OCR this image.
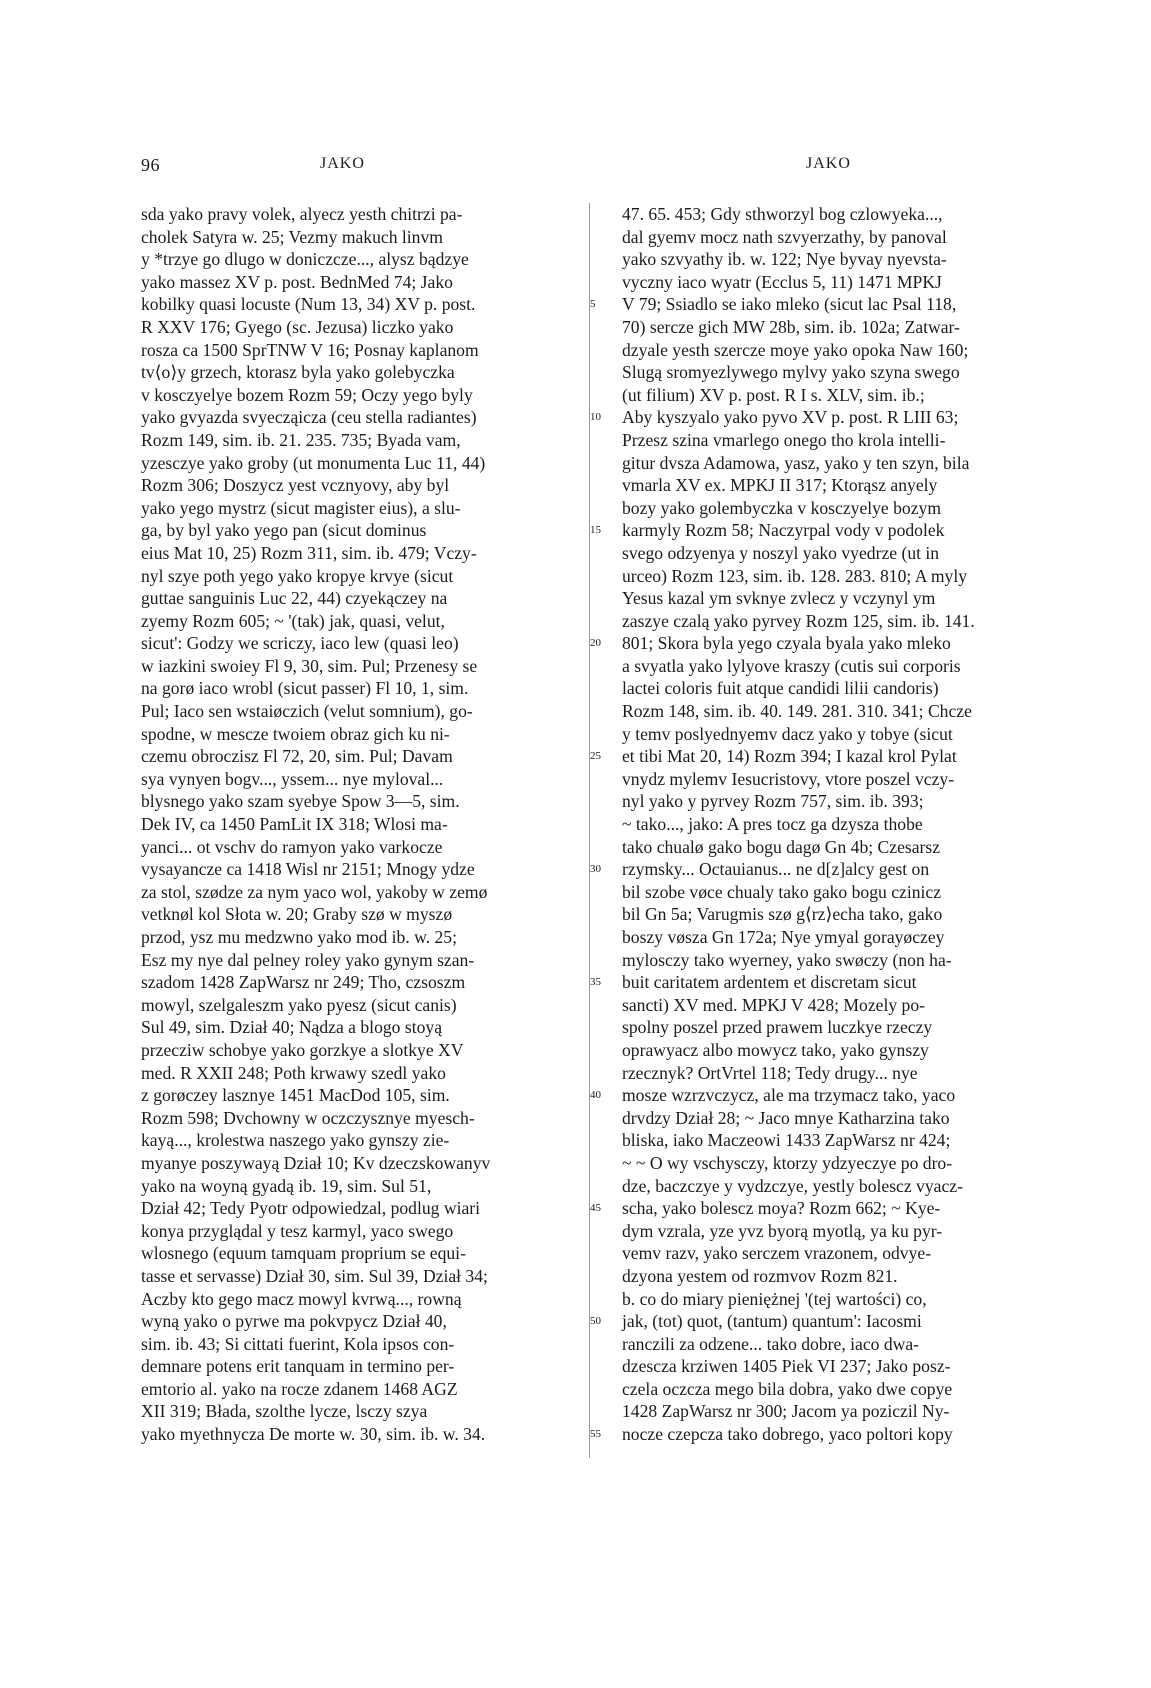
96	JAKO	JAKO
sda yako pravy volek, alyecz yesth chitrzi pa-
cholek Satyra w. 25; Vezmy makuch linvm
y *trzye go dlugo w doniczcze..., alysz bądzye
yako massez XV p. post. BednMed 74; Jako
kobilky quasi locuste (Num 13, 34) XV p. post.
R XXV 176; Gyego (sc. Jezusa) liczko yako
rosza ca 1500 SprTNW V 16; Posnay kaplanom
tv⟨o⟩y grzech, ktorasz byla yako golebyczka
v kosczyelye bozem Rozm 59; Oczy yego byly
yako gvyazda svyecząicza (ceu stella radiantes)
Rozm 149, sim. ib. 21. 235. 735; Byada vam,
yzesczye yako groby (ut monumenta Luc 11, 44)
Rozm 306; Doszycz yest vcznyovy, aby byl
yako yego mystrz (sicut magister eius), a slu-
ga, by byl yako yego pan (sicut dominus
eius Mat 10, 25) Rozm 311, sim. ib. 479; Vczy-
nyl szye poth yego yako kropye krvye (sicut
guttae sanguinis Luc 22, 44) czyekączey na
zyemy Rozm 605; ~ '(tak) jak, quasi, velut,
sicut': Godzy we scriczy, iaco lew (quasi leo)
w iazkini swoiey Fl 9, 30, sim. Pul; Przenesy se
na gorø iaco wrobl (sicut passer) Fl 10, 1, sim.
Pul; Iaco sen wstaiøczich (velut somnium), go-
spodne, w mescze twoiem obraz gich ku ni-
czemu obroczisz Fl 72, 20, sim. Pul; Davam
sya vynyen bogv..., yssem... nye myloval...
blysnego yako szam syebye Spow 3—5, sim.
Dek IV, ca 1450 PamLit IX 318; Wlosi ma-
yanci... ot vschv do ramyon yako varkocze
vysayancze ca 1418 Wisl nr 2151; Mnogy ydze
za stol, szødze za nym yaco wol, yakoby w zemø
vetknøl kol Słota w. 20; Graby szø w myszø
przod, ysz mu medzwno yako mod ib. w. 25;
Esz my nye dal pelney roley yako gynym szan-
szadom 1428 ZapWarsz nr 249; Tho, czsoszm
mowyl, szelgaleszm yako pyesz (sicut canis)
Sul 49, sim. Dział 40; Nądza a blogo stoyą
przecziw schobye yako gorzkye a slotkye XV
med. R XXII 248; Poth krwawy szedl yako
z gorøczey lasznye 1451 MacDod 105, sim.
Rozm 598; Dvchowny w oczczysznye myesch-
kayą..., krolestwa naszego yako gynszy zie-
myanye poszywayą Dział 10; Kv dzeczskowanyv
yako na woyną gyadą ib. 19, sim. Sul 51,
Dział 42; Tedy Pyotr odpowiedzal, podlug wiari
konya przyglądal y tesz karmyl, yaco swego
wlosnego (equum tamquam proprium se equi-
tasse et servasse) Dział 30, sim. Sul 39, Dział 34;
Aczby kto gego macz mowyl kvrwą..., rowną
wyną yako o pyrwe ma pokvpycz Dział 40,
sim. ib. 43; Si cittati fuerint, Kola ipsos con-
demnare potens erit tanquam in termino per-
emtorio al. yako na rocze zdanem 1468 AGZ
XII 319; Błada, szolthe lycze, lsczy szya
yako myethnycza De morte w. 30, sim. ib. w. 34.
5
10
15
20
25
30
35
40
45
50
55
47. 65. 453; Gdy sthworzyl bog czlowyeka...,
dal gyemv mocz nath szvyerzathy, by panoval
yako szvyathy ib. w. 122; Nye byvay nyevsta-
vyczny iaco wyatr (Ecclus 5, 11) 1471 MPKJ
V 79; Ssiadlo se iako mleko (sicut lac Psal 118,
70) sercze gich MW 28b, sim. ib. 102a; Zatwar-
dzyale yesth szercze moye yako opoka Naw 160;
Slugą sromyezlywego mylvy yako szyna swego
(ut filium) XV p. post. R I s. XLV, sim. ib.;
Aby kyszyalo yako pyvo XV p. post. R LIII 63;
Przesz szina vmarlego onego tho krola intelli-
gitur dvsza Adamowa, yasz, yako y ten szyn, bila
vmarla XV ex. MPKJ II 317; Ktorąsz anyely
bozy yako golembyczka v kosczyelye bozym
karmyly Rozm 58; Naczyrpal vody v podolek
svego odzyenya y noszyl yako vyedrze (ut in
urceo) Rozm 123, sim. ib. 128. 283. 810; A myly
Yesus kazal ym svknye zvlecz y vczynyl ym
zaszye czalą yako pyrvey Rozm 125, sim. ib. 141.
801; Skora byla yego czyala byala yako mleko
a svyatla yako lylyove kraszy (cutis sui corporis
lactei coloris fuit atque candidi lilii candoris)
Rozm 148, sim. ib. 40. 149. 281. 310. 341; Chcze
y temv poslyednyemv dacz yako y tobye (sicut
et tibi Mat 20, 14) Rozm 394; I kazal krol Pylat
vnydz mylemv Iesucristovy, vtore poszel vczy-
nyl yako y pyrvey Rozm 757, sim. ib. 393;
~ tako..., jako: A pres tocz ga dzysza thobe
tako chualø gako bogu dagø Gn 4b; Czesarsz
rzymsky... Octauianus... ne d[z]alcy gest on
bil szobe vøce chualy tako gako bogu czinicz
bil Gn 5a; Varugmis szø g⟨rz⟩echa tako, gako
boszy vøsza Gn 172a; Nye ymyal gorayøczey
mylosczy tako wyerney, yako swøczy (non ha-
buit caritatem ardentem et discretam sicut
sancti) XV med. MPKJ V 428; Mozely po-
spolny poszel przed prawem luczkye rzeczy
oprawyacz albo mowycz tako, yako gynszy
rzecznyk? OrtVrtel 118; Tedy drugy... nye
mosze wzrzvczycz, ale ma trzymacz tako, yaco
drvdzy Dział 28; ~ Jaco mnye Katharzina tako
bliska, iako Maczeowi 1433 ZapWarsz nr 424;
~ ~ O wy vschysczy, ktorzy ydzyeczye po dro-
dze, baczczye y vydzczye, yestly bolescz vyacz-
scha, yako bolescz moya? Rozm 662; ~ Kye-
dym vzrala, yze yvz byorą myotlą, ya ku pyr-
vemv razv, yako serczem vrazonem, odvye-
dzyona yestem od rozmvov Rozm 821.
b. co do miary pieniężnej '(tej wartości) co,
jak, (tot) quot, (tantum) quantum': Iacosmi
ranczili za odzene... tako dobre, iaco dwa-
dzescza krziwen 1405 Piek VI 237; Jako posz-
czela oczcza mego bila dobra, yako dwe copye
1428 ZapWarsz nr 300; Jacom ya poziczil Ny-
nocze czepcza tako dobrego, yaco poltori kopy
